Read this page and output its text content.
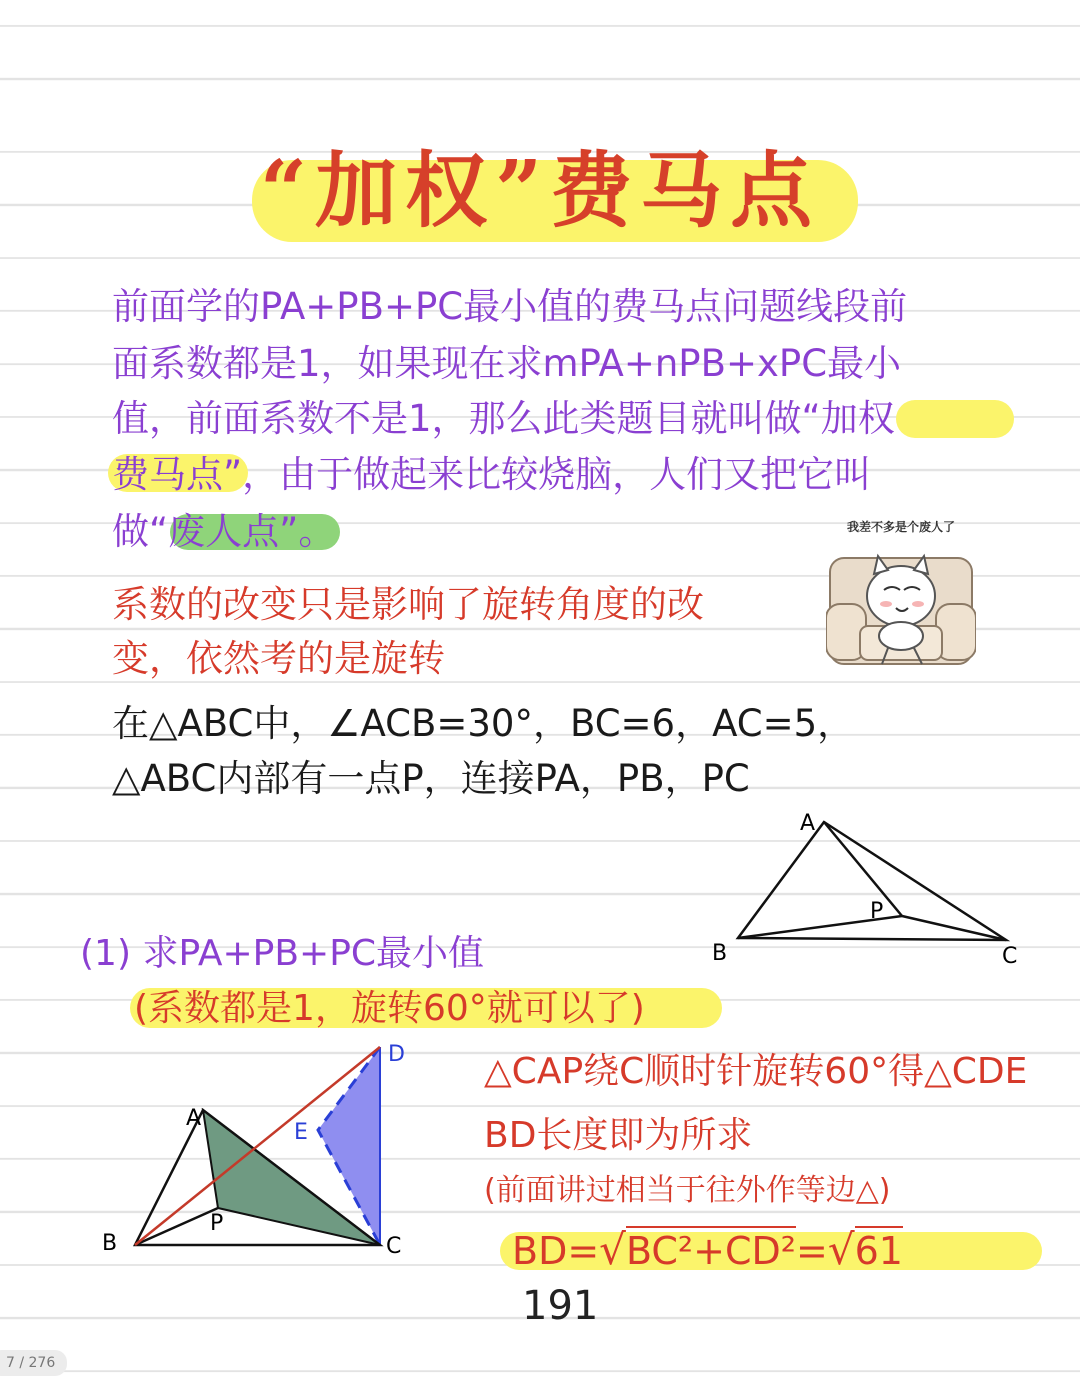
“加权”费马点
前面学的PA+PB+PC最小值的费马点问题线段前
面系数都是1，如果现在求mPA+nPB+xPC最小
值，前面系数不是1，那么此类题目就叫做“加权
费马点”，由于做起来比较烧脑，人们又把它叫
做“废人点”。	我差不多是个废人了
系数的改变只是影响了旋转角度的改
变，依然考的是旋转
在△ABC中，∠ACB=30°，BC=6，AC=5，
△ABC内部有一点P，连接PA，PB，PC
A
B	C
P
(1) 求PA+PB+PC最小值
(系数都是1，旋转60°就可以了)
A
B	C
P
D
E
△CAP绕C顺时针旋转60°得△CDE
BD长度即为所求
(前面讲过相当于往外作等边△)
BD=√BC²+CD²=√61
191
7 / 276
